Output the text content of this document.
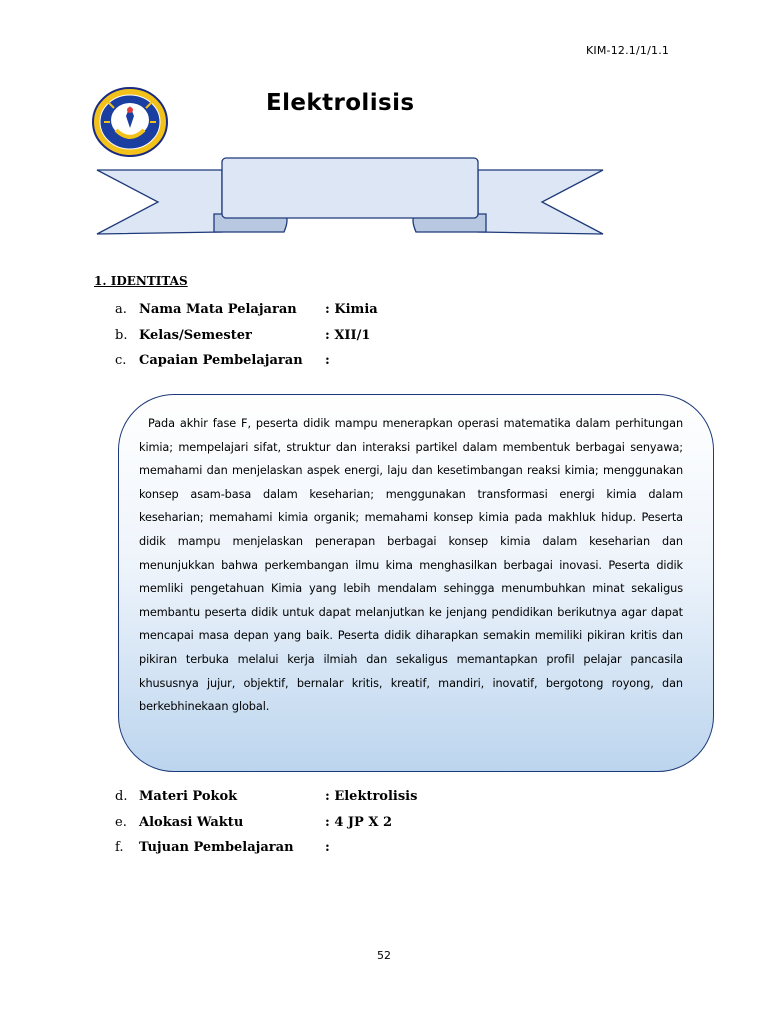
KIM-12.1/1/1.1
Elektrolisis
1. IDENTITAS
a. Nama Mata Pelajaran : Kimia
b. Kelas/Semester	: XII/1
c. Capaian Pembelajaran :
Pada akhir fase F, peserta didik mampu menerapkan operasi matematika dalam perhitungan kimia; mempelajari sifat, struktur dan interaksi partikel dalam membentuk berbagai senyawa; memahami dan menjelaskan aspek energi, laju dan kesetimbangan reaksi kimia; menggunakan konsep asam-basa dalam keseharian; menggunakan transformasi energi kimia dalam keseharian; memahami kimia organik; memahami konsep kimia pada makhluk hidup. Peserta didik mampu menjelaskan penerapan berbagai konsep kimia dalam keseharian dan menunjukkan bahwa perkembangan ilmu kima menghasilkan berbagai inovasi. Peserta didik memliki pengetahuan Kimia yang lebih mendalam sehingga menumbuhkan minat sekaligus membantu peserta didik untuk dapat melanjutkan ke jenjang pendidikan berikutnya agar dapat mencapai masa depan yang baik. Peserta didik diharapkan semakin memiliki pikiran kritis dan pikiran terbuka melalui kerja ilmiah dan sekaligus memantapkan profil pelajar pancasila khususnya jujur, objektif, bernalar kritis, kreatif, mandiri, inovatif, bergotong royong, dan berkebhinekaan global.
d. Materi Pokok	: Elektrolisis
e. Alokasi Waktu	: 4 JP X 2
f. Tujuan Pembelajaran :
52
